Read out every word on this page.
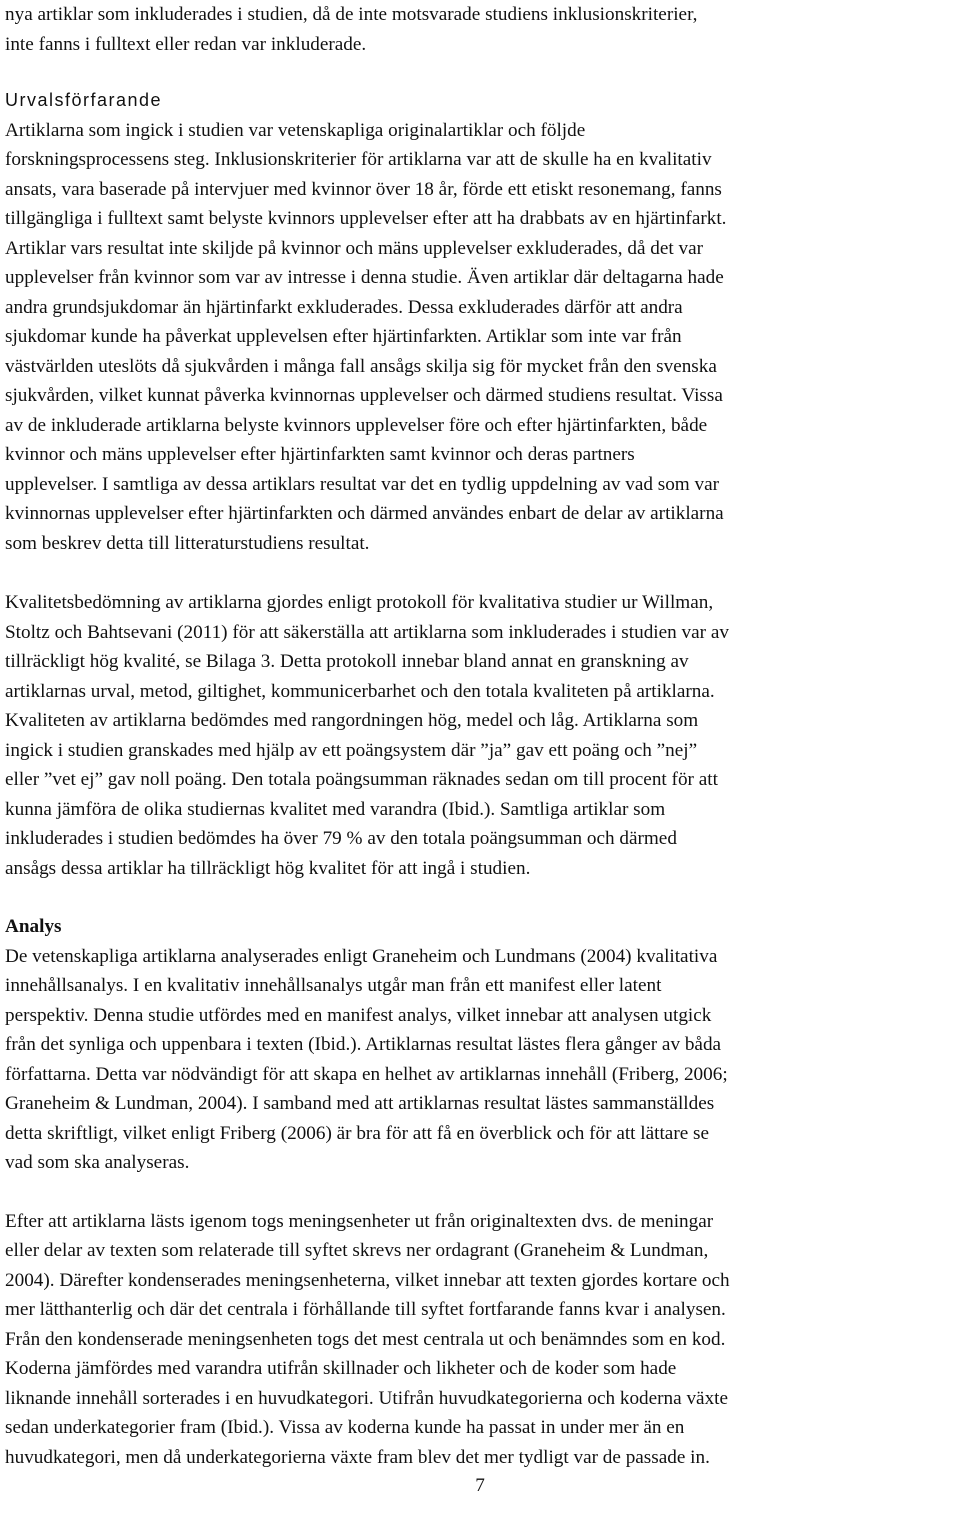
nya artiklar som inkluderades i studien, då de inte motsvarade studiens inklusionskriterier,
inte fanns i fulltext eller redan var inkluderade.

Urvalsförfarande
Artiklarna som ingick i studien var vetenskapliga originalartiklar och följde
forskningsprocessens steg. Inklusionskriterier för artiklarna var att de skulle ha en kvalitativ
ansats, vara baserade på intervjuer med kvinnor över 18 år, förde ett etiskt resonemang, fanns
tillgängliga i fulltext samt belyste kvinnors upplevelser efter att ha drabbats av en hjärtinfarkt.
Artiklar vars resultat inte skiljde på kvinnor och mäns upplevelser exkluderades, då det var
upplevelser från kvinnor som var av intresse i denna studie. Även artiklar där deltagarna hade
andra grundsjukdomar än hjärtinfarkt exkluderades. Dessa exkluderades därför att andra
sjukdomar kunde ha påverkat upplevelsen efter hjärtinfarkten. Artiklar som inte var från
västvärlden uteslöts då sjukvården i många fall ansågs skilja sig för mycket från den svenska
sjukvården, vilket kunnat påverka kvinnornas upplevelser och därmed studiens resultat. Vissa
av de inkluderade artiklarna belyste kvinnors upplevelser före och efter hjärtinfarkten, både
kvinnor och mäns upplevelser efter hjärtinfarkten samt kvinnor och deras partners
upplevelser. I samtliga av dessa artiklars resultat var det en tydlig uppdelning av vad som var
kvinnornas upplevelser efter hjärtinfarkten och därmed användes enbart de delar av artiklarna
som beskrev detta till litteraturstudiens resultat.

Kvalitetsbedömning av artiklarna gjordes enligt protokoll för kvalitativa studier ur Willman,
Stoltz och Bahtsevani (2011) för att säkerställa att artiklarna som inkluderades i studien var av
tillräckligt hög kvalité, se Bilaga 3. Detta protokoll innebar bland annat en granskning av
artiklarnas urval, metod, giltighet, kommunicerbarhet och den totala kvaliteten på artiklarna.
Kvaliteten av artiklarna bedömdes med rangordningen hög, medel och låg. Artiklarna som
ingick i studien granskades med hjälp av ett poängsystem där ”ja” gav ett poäng och ”nej”
eller ”vet ej” gav noll poäng. Den totala poängsumman räknades sedan om till procent för att
kunna jämföra de olika studiernas kvalitet med varandra (Ibid.). Samtliga artiklar som
inkluderades i studien bedömdes ha över 79 % av den totala poängsumman och därmed
ansågs dessa artiklar ha tillräckligt hög kvalitet för att ingå i studien.

Analys
De vetenskapliga artiklarna analyserades enligt Graneheim och Lundmans (2004) kvalitativa
innehållsanalys. I en kvalitativ innehållsanalys utgår man från ett manifest eller latent
perspektiv. Denna studie utfördes med en manifest analys, vilket innebar att analysen utgick
från det synliga och uppenbara i texten (Ibid.). Artiklarnas resultat lästes flera gånger av båda
författarna. Detta var nödvändigt för att skapa en helhet av artiklarnas innehåll (Friberg, 2006;
Graneheim & Lundman, 2004). I samband med att artiklarnas resultat lästes sammanställdes
detta skriftligt, vilket enligt Friberg (2006) är bra för att få en överblick och för att lättare se
vad som ska analyseras.

Efter att artiklarna lästs igenom togs meningsenheter ut från originaltexten dvs. de meningar
eller delar av texten som relaterade till syftet skrevs ner ordagrant (Graneheim & Lundman,
2004). Därefter kondenserades meningsenheterna, vilket innebar att texten gjordes kortare och
mer lätthanterlig och där det centrala i förhållande till syftet fortfarande fanns kvar i analysen.
Från den kondenserade meningsenheten togs det mest centrala ut och benämndes som en kod.
Koderna jämfördes med varandra utifrån skillnader och likheter och de koder som hade
liknande innehåll sorterades i en huvudkategori. Utifrån huvudkategorierna och koderna växte
sedan underkategorier fram (Ibid.). Vissa av koderna kunde ha passat in under mer än en
huvudkategori, men då underkategorierna växte fram blev det mer tydligt var de passade in.

7
